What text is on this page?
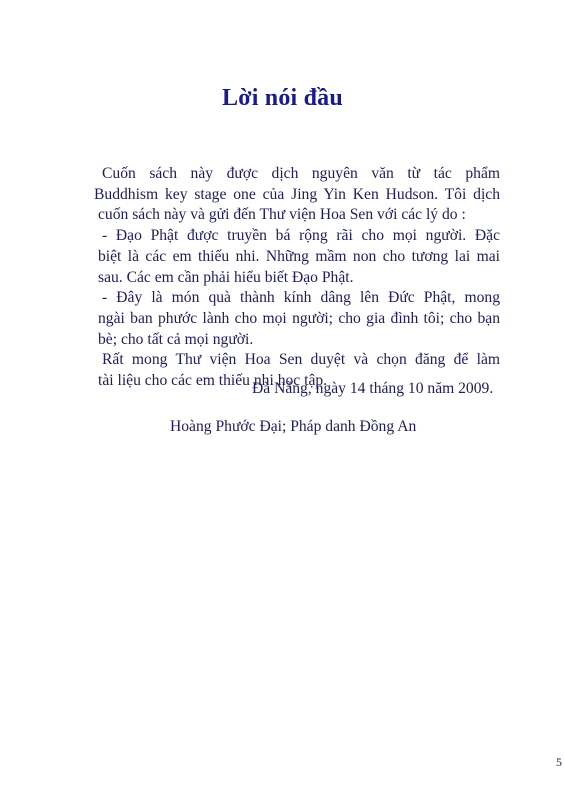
Lời nói đầu

Cuốn sách này được dịch nguyên văn từ tác phẩm
Buddhism key stage one của Jing Yin Ken Hudson. Tôi dịch
cuốn sách này và gửi đến Thư viện Hoa Sen với các lý do :

- Đạo Phật được truyền bá rộng rãi cho mọi người. Đặc
biệt là các em thiếu nhi. Những mầm non cho tương lai mai
sau. Các em cần phải hiểu biết Đạo Phật.

- Đây là món quà thành kính dâng lên Đức Phật, mong
ngài ban phước lành cho mọi người; cho gia đình tôi; cho bạn
bè; cho tất cả mọi người.

Rất mong Thư viện Hoa Sen duyệt và chọn đăng để làm
tài liệu cho các em thiếu nhi học tập.

Đà Nẵng, ngày 14 tháng 10 năm 2009.
Hoàng Phước Đại; Pháp danh Đồng An
5
